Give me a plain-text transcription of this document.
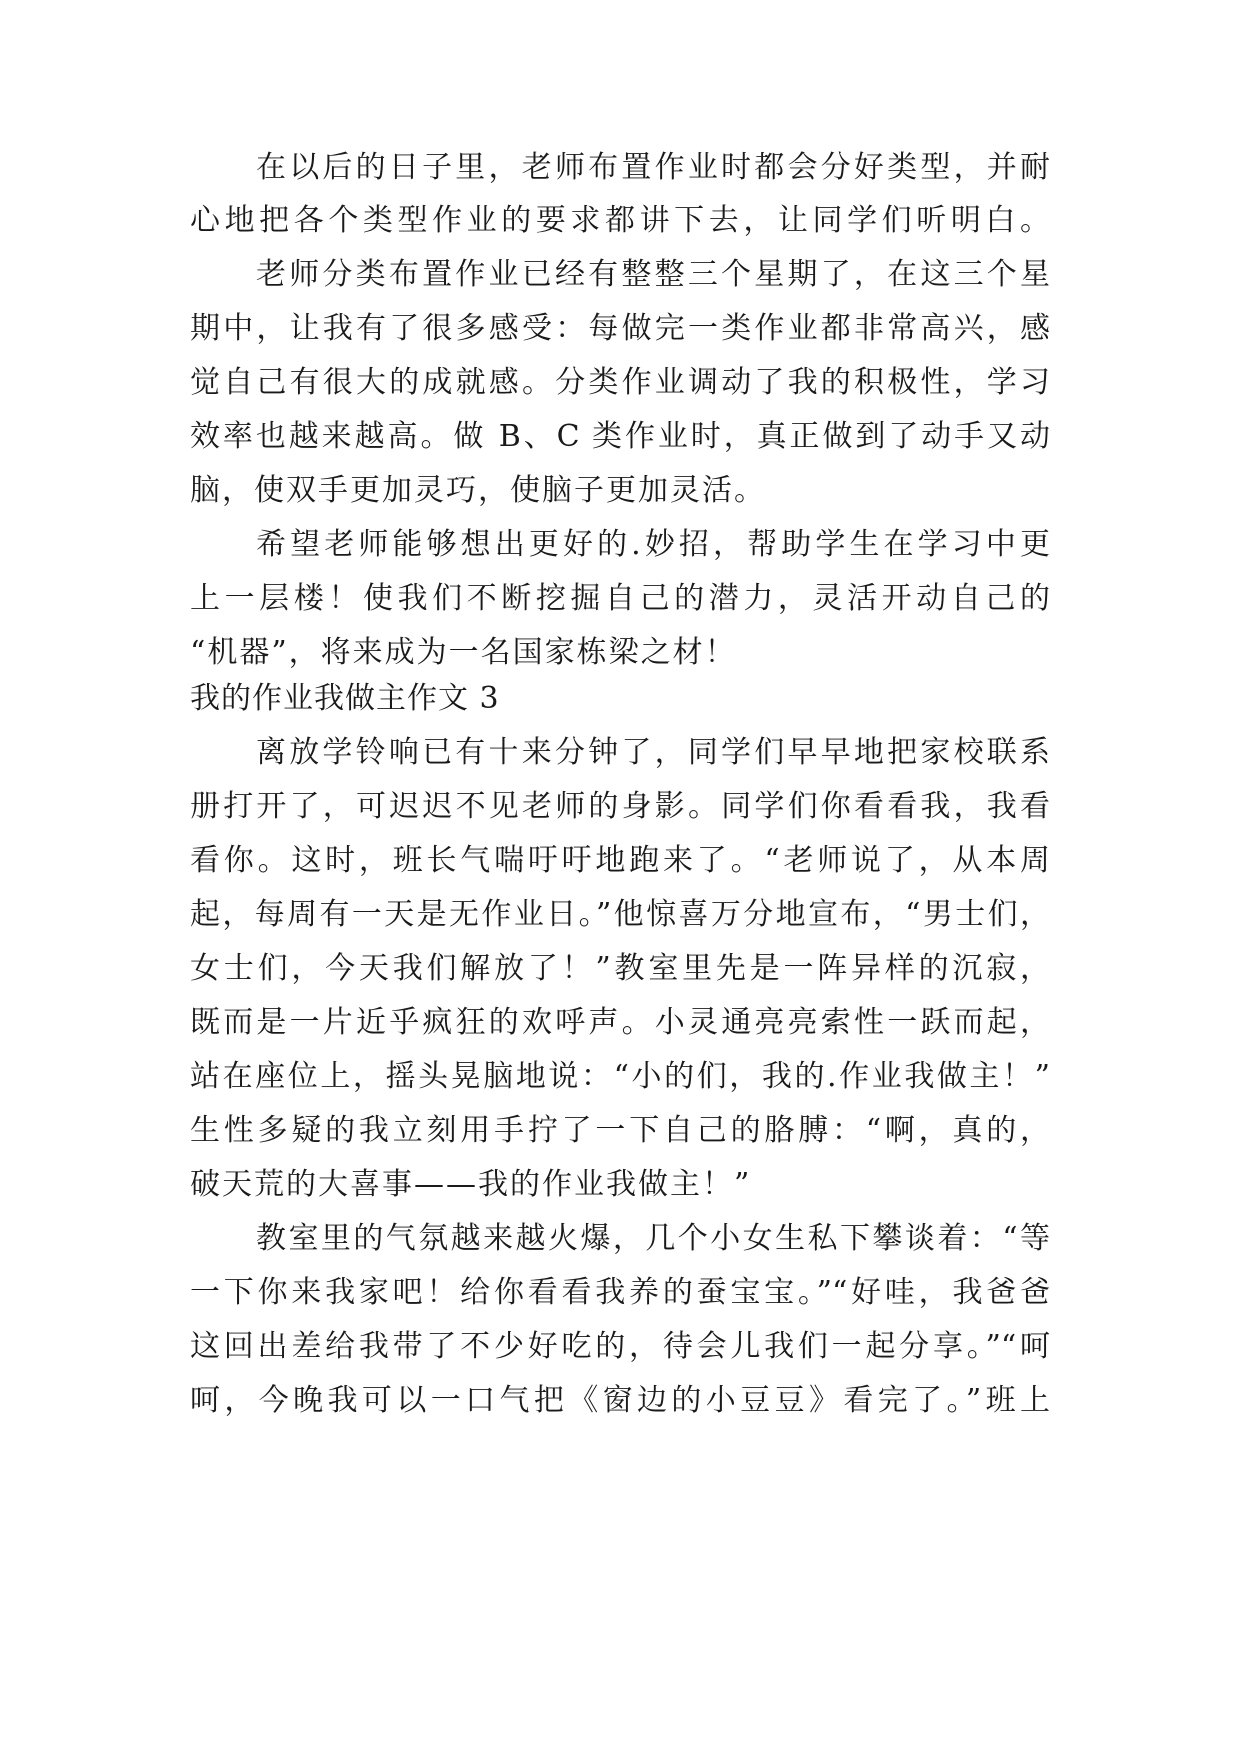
在以后的日子里，老师布置作业时都会分好类型，并耐
心地把各个类型作业的要求都讲下去，让同学们听明白。
老师分类布置作业已经有整整三个星期了，在这三个星
期中，让我有了很多感受：每做完一类作业都非常高兴，感
觉自己有很大的成就感。分类作业调动了我的积极性，学习
效率也越来越高。做 B、C 类作业时，真正做到了动手又动
脑，使双手更加灵巧，使脑子更加灵活。
希望老师能够想出更好的.妙招，帮助学生在学习中更
上一层楼！使我们不断挖掘自己的潜力，灵活开动自己的
“机器”，将来成为一名国家栋梁之材！
我的作业我做主作文 3
离放学铃响已有十来分钟了，同学们早早地把家校联系
册打开了，可迟迟不见老师的身影。同学们你看看我，我看
看你。这时，班长气喘吁吁地跑来了。“老师说了，从本周
起，每周有一天是无作业日。”他惊喜万分地宣布，“男士们，
女士们，今天我们解放了！”教室里先是一阵异样的沉寂，
既而是一片近乎疯狂的欢呼声。小灵通亮亮索性一跃而起，
站在座位上，摇头晃脑地说：“小的们，我的.作业我做主！”
生性多疑的我立刻用手拧了一下自己的胳膊：“啊，真的，
破天荒的大喜事——我的作业我做主！”
教室里的气氛越来越火爆，几个小女生私下攀谈着：“等
一下你来我家吧！给你看看我养的蚕宝宝。”“好哇，我爸爸
这回出差给我带了不少好吃的，待会儿我们一起分享。”“呵
呵，今晚我可以一口气把《窗边的小豆豆》看完了。”班上
